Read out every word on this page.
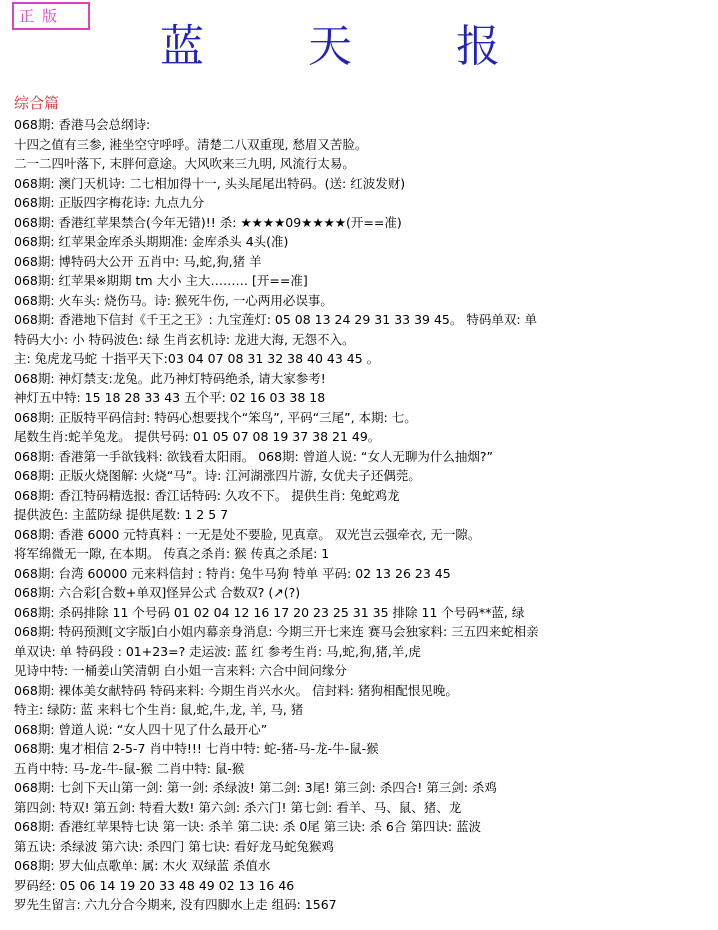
正版
蓝 天 报
综合篇
068期: 香港马会总纲诗:
十四之值有三参, 溎坐空守呼呼。清楚二八双重现, 愁眉又苦脸。
二一二四叶落下, 末胖何意途。大风吹来三九明, 风流行太易。
068期: 澳门天机诗: 二七相加得十一, 头头尾尾出特码。(送: 红波发财)
068期: 正版四字梅花诗: 九点九分
068期: 香港红苹果禁合(今年无错)!! 杀: ★★★★09★★★★(开==准)
068期: 红苹果金库杀头期期准: 金库杀头 4头(准)
068期: 博特码大公开 五肖中: 马,蛇,狗,猪 羊
068期: 红苹果※期期 tm 大小 主大……… [开==准]
068期: 火车头: 烧伤马。诗: 猴死牛伤, 一心两用必误事。
068期: 香港地下信封《千王之王》: 九宝莲灯: 05 08 13 24 29 31 33 39 45。 特码单双: 单
特码大小: 小 特码波色: 绿 生肖玄机诗: 龙进大海, 无怨不入。
主: 兔虎龙马蛇 十指平天下:03 04 07 08 31 32 38 40 43 45 。
068期: 神灯禁支:龙兔。此乃神灯特码绝杀, 请大家参考!
神灯五中特: 15 18 28 33 43 五个平: 02 16 03 38 18
068期: 正版特平码信封: 特码心想要找个“笨鸟”, 平码“三尾”, 本期: 七。
尾数生肖:蛇羊兔龙。 提供号码: 01 05 07 08 19 37 38 21 49。
068期: 香港第一手欲钱料: 欲钱看太阳雨。 068期: 曾道人说: “女人无聊为什么抽烟?”
068期: 正版火烧图解: 火烧“马”。诗: 江河湖涨四片游, 女优夫子还偶莞。
068期: 香江特码精选报: 香江话特码: 久攻不下。 提供生肖: 兔蛇鸡龙
提供波色: 主蓝防绿 提供尾数: 1 2 5 7
068期: 香港 6000 元特真料 : 一无是处不要脸, 见真章。 双光岂云强牵衣, 无一隙。
将军绵微无一隙, 在本期。 传真之杀肖: 猴 传真之杀尾: 1
068期: 台湾 60000 元来料信封 : 特肖: 兔牛马狗 特单 平码: 02 13 26 23 45
068期: 六合彩[合数+单双]怪异公式 合数双? (↗(?)
068期: 杀码排除 11 个号码 01 02 04 12 16 17 20 23 25 31 35 排除 11 个号码**蓝, 绿
068期: 特码预测[文字版]白小姐内幕亲身消息: 今期三开七来连 赛马会独家料: 三五四来蛇相亲
单双诀: 单 特码段 : 01+23=? 走运波: 蓝 红 参考生肖: 马,蛇,狗,猪,羊,虎
见诗中特: 一桶姜山笑清朝 白小姐一言来料: 六合中间问缘分
068期: 裸体美女献特码 特码来料: 今期生肖兴水火。 信封料: 猪狗相配恨见晚。
特主: 绿防: 蓝 来料七个生肖: 鼠,蛇,牛,龙, 羊, 马, 猪
068期: 曾道人说: “女人四十见了什么最开心”
068期: 鬼才相信 2-5-7 肖中特!!! 七肖中特: 蛇-猪-马-龙-牛-鼠-猴
五肖中特: 马-龙-牛-鼠-猴 二肖中特: 鼠-猴
068期: 七剑下天山第一剑: 第一剑: 杀绿波! 第二剑: 3尾! 第三剑: 杀四合! 第三剑: 杀鸡
第四剑: 特双! 第五剑: 特看大数! 第六剑: 杀六门! 第七剑: 看羊、马、鼠、猪、龙
068期: 香港红苹果特七诀 第一诀: 杀羊 第二诀: 杀 0尾 第三诀: 杀 6合 第四诀: 蓝波
第五诀: 杀绿波 第六诀: 杀四门 第七诀: 看好龙马蛇兔猴鸡
068期: 罗大仙点歌单: 属: 木火 双绿蓝 杀值水
罗码经: 05 06 14 19 20 33 48 49 02 13 16 46
罗先生留言: 六九分合今期来, 没有四脚水上走 组码: 1567
